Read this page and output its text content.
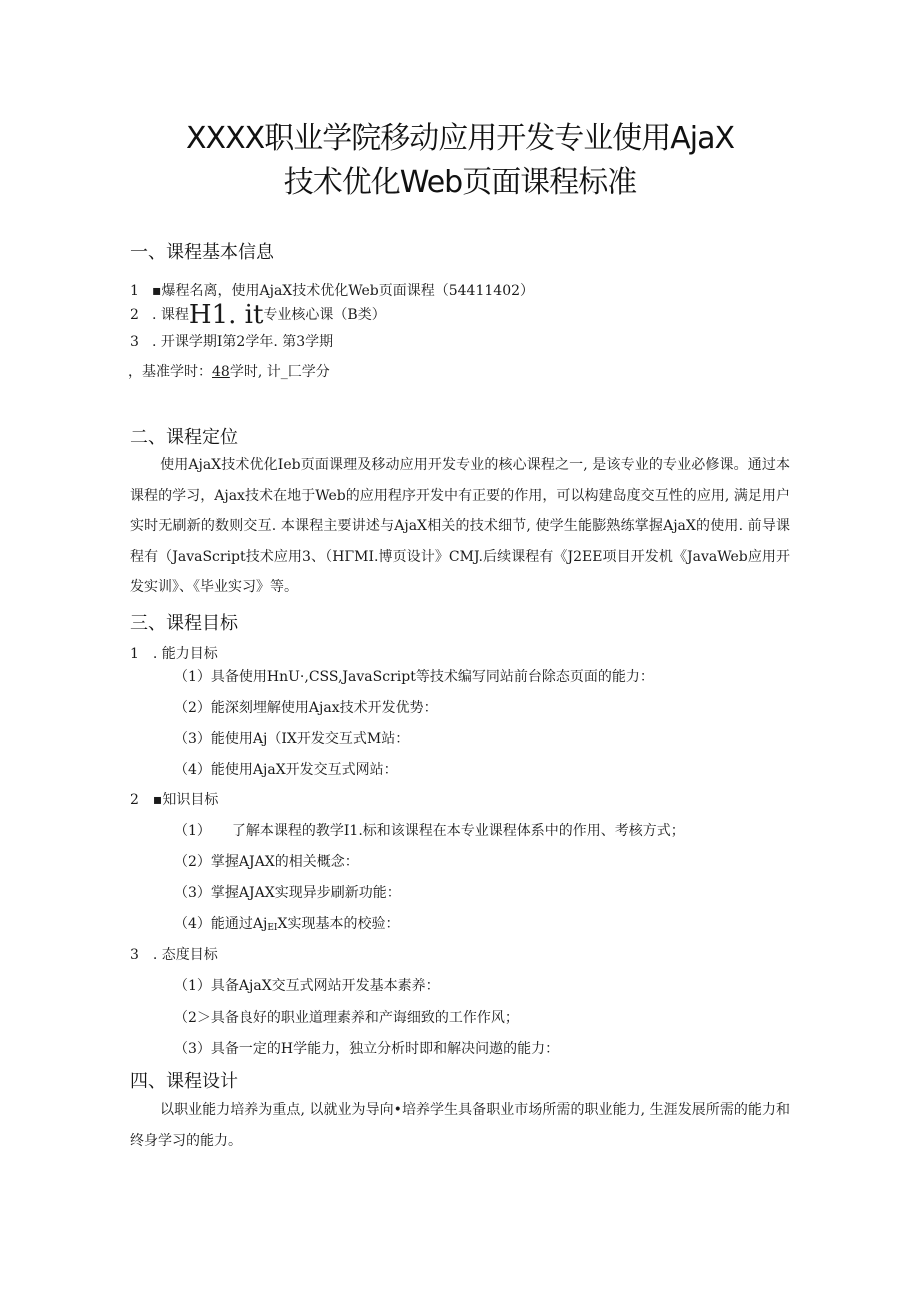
XXXX职业学院移动应用开发专业使用AjaX
技术优化Web页面课程标准
一、课程基本信息
1 ▪爆程名离，使用AjaX技术优化Web页面课程（54411402）
2 . 课程H1. it专业核心课（B类）
3 . 开课学期Ⅰ第2学年. 第3学期
，基准学时：48学时, 计_匚学分
二、课程定位
使用AjaX技术优化Ieb页面课理及移动应用开发专业的核心课程之一, 是该专业的专业必修课。通过本课程的学习，Ajax技术在地于Web的应用程序开发中有正要的作用，可以构建岛度交互性的应用, 满足用户实时无刷新的数则交互. 本课程主要讲述与AjaX相关的技术细节, 使学生能膨熟练掌握AjaX的使用. 前导课程有（JavaScript技术应用3、（HΓMI.博页设计》CMJ.后续课程有《J2EE项目开发机《JavaWeb应用开发实训》、《毕业实习》等。
三、课程目标
1　. 能力目标
（1）具备使用HnU·,CSS,JavaScript等技术编写同站前台除态页面的能力：
（2）能深刻埋解使用Ajax技术开发优势：
（3）能使用Aj（IX开发交互式M站：
（4）能使用AjaX开发交互式网站：
2　▪知识目标
（1）　　了解本课程的教学I1.标和该课程在本专业课程体系中的作用、考核方式；
（2）掌握AJAX的相关概念：
（3）掌握AJAX实现异步刷新功能：
（4）能通过$Aj_{EI}X$实现基本的校验：
3　. 态度目标
（1）具备AjaX交互式网站开发基本素养：
（2＞具备良好的职业道理素养和产诲细致的工作作风；
（3）具备一定的H学能力，独立分析时即和解决问遨的能力：
四、课程设计
以职业能力培养为重点, 以就业为导向•培养学生具备职业市场所需的职业能力, 生涯发展所需的能力和终身学习的能力。
